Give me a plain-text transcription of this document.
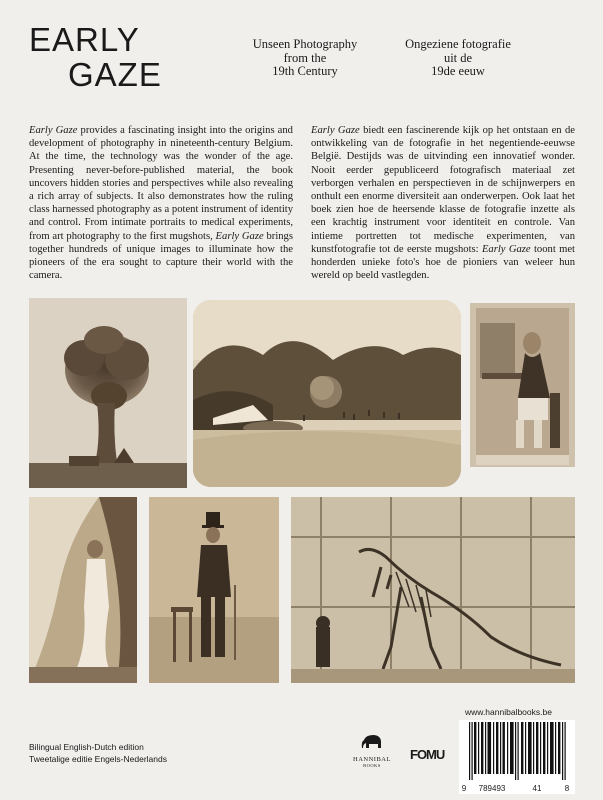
EARLY
GAZE
Unseen Photography
from the
19th Century
Ongeziene fotografie
uit de
19de eeuw
Early Gaze provides a fascinating insight into the origins and development of photography in nineteenth-century Belgium. At the time, the technology was the wonder of the age. Presenting never-before-published material, the book uncovers hidden stories and perspectives while also revealing a rich array of subjects. It also demonstrates how the ruling class harnessed photography as a potent instrument of identity and control. From intimate portraits to medical experiments, from art photography to the first mugshots, Early Gaze brings together hundreds of unique images to illuminate how the pioneers of the era sought to capture their world with the camera.
Early Gaze biedt een fascinerende kijk op het ontstaan en de ontwikkeling van de fotografie in het negentiende-eeuwse België. Destijds was de uitvinding een innovatief wonder. Nooit eerder gepubliceerd fotografisch materiaal zet verborgen verhalen en perspectieven in de schijnwerpers en onthult een enorme diversiteit aan onderwerpen. Ook laat het boek zien hoe de heersende klasse de fotografie inzette als een krachtig instrument voor identiteit en controle. Van intieme portretten tot medische experimenten, van kunstfotografie tot de eerste mugshots: Early Gaze toont met honderden unieke foto's hoe de pioniers van weleer hun wereld op beeld vastlegden.
www.hannibalbooks.be
Bilingual English-Dutch edition
Tweetalige editie Engels-Nederlands	HANNIBAL
BOOKS
FOMU
9	789493	41	8
